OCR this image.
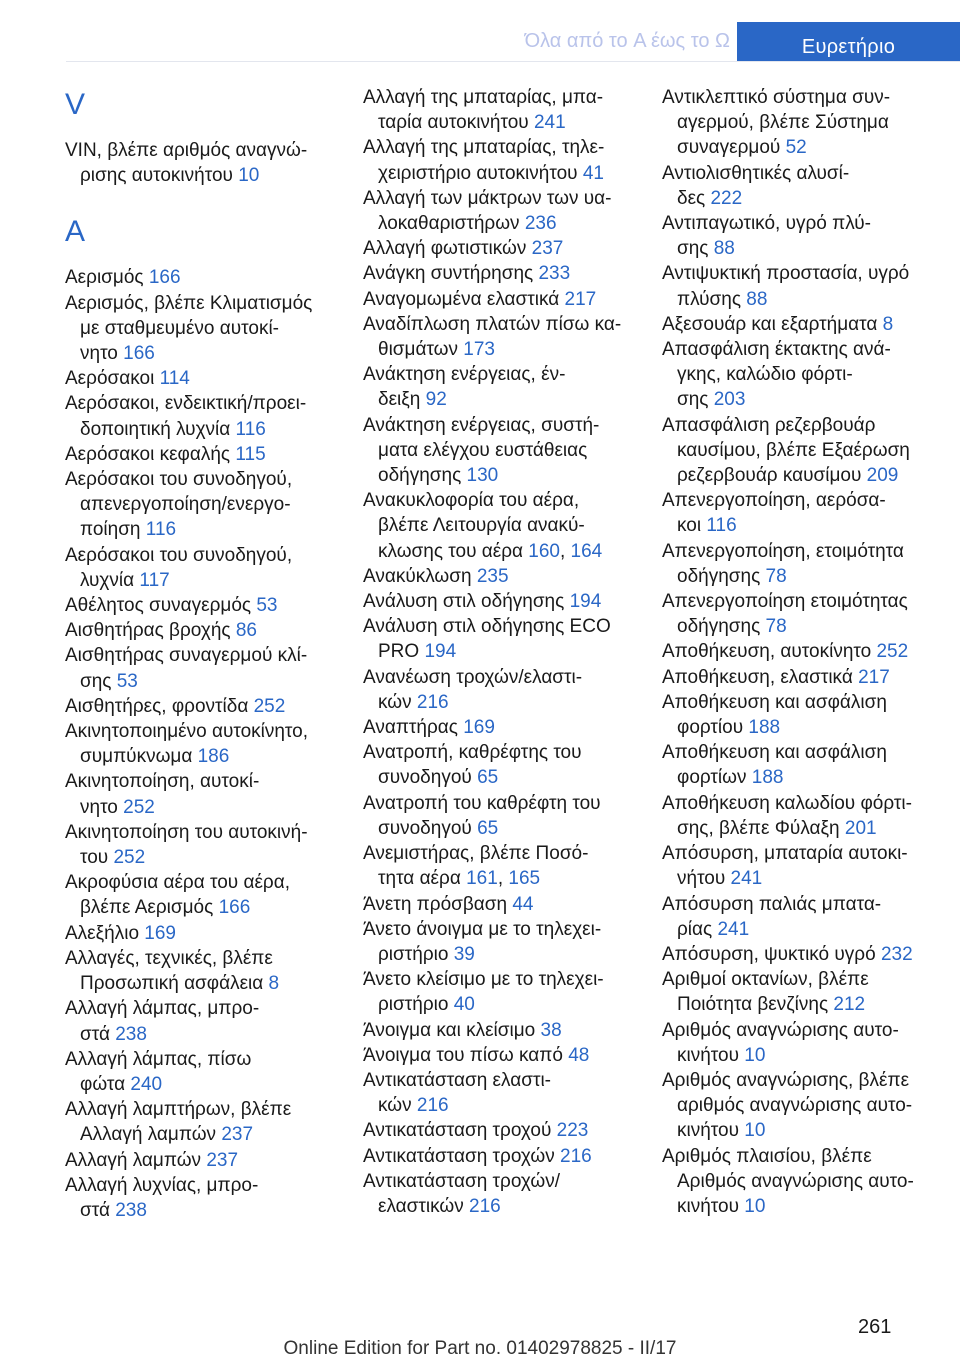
Όλα από το A έως το Ω	Ευρετήριο
V

VIN, βλέπε αριθμός αναγνώ-
ρισης αυτοκινήτου 10

A

Αερισμός 166

Αερισμός, βλέπε Κλιματισμός
με σταθμευμένο αυτοκί-
νητο 166

Αερόσακοι 114

Αερόσακοι, ενδεικτική/προει-
δοποιητική λυχνία 116

Αερόσακοι κεφαλής 115

Αερόσακοι του συνοδηγού,
απενεργοποίηση/ενεργο-
ποίηση 116

Αερόσακοι του συνοδηγού,
λυχνία 117

Αθέλητος συναγερμός 53

Αισθητήρας βροχής 86

Αισθητήρας συναγερμού κλί-
σης 53

Αισθητήρες, φροντίδα 252

Ακινητοποιημένο αυτοκίνητο,
συμπύκνωμα 186

Ακινητοποίηση, αυτοκί-
νητο 252

Ακινητοποίηση του αυτοκινή-
του 252

Ακροφύσια αέρα του αέρα,
βλέπε Αερισμός 166

Αλεξήλιο 169

Αλλαγές, τεχνικές, βλέπε
Προσωπική ασφάλεια 8

Αλλαγή λάμπας, μπρο-
στά 238

Αλλαγή λάμπας, πίσω
φώτα 240

Αλλαγή λαμπτήρων, βλέπε
Αλλαγή λαμπών 237

Αλλαγή λαμπών 237

Αλλαγή λυχνίας, μπρο-
στά 238

Αλλαγή της μπαταρίας, μπα-
ταρία αυτοκινήτου 241

Αλλαγή της μπαταρίας, τηλε-
χειριστήριο αυτοκινήτου 41

Αλλαγή των μάκτρων των υα-
λοκαθαριστήρων 236

Αλλαγή φωτιστικών 237

Ανάγκη συντήρησης 233

Αναγομωμένα ελαστικά 217

Αναδίπλωση πλατών πίσω κα-
θισμάτων 173

Ανάκτηση ενέργειας, έν-
δειξη 92

Ανάκτηση ενέργειας, συστή-
ματα ελέγχου ευστάθειας
οδήγησης 130

Ανακυκλοφορία του αέρα,
βλέπε Λειτουργία ανακύ-
κλωσης του αέρα 160, 164

Ανακύκλωση 235

Ανάλυση στιλ οδήγησης 194

Ανάλυση στιλ οδήγησης ECO
PRO 194

Ανανέωση τροχών/ελαστι-
κών 216

Αναπτήρας 169

Ανατροπή, καθρέφτης του
συνοδηγού 65

Ανατροπή του καθρέφτη του
συνοδηγού 65

Ανεμιστήρας, βλέπε Ποσό-
τητα αέρα 161, 165

Άνετη πρόσβαση 44

Άνετο άνοιγμα με το τηλεχει-
ριστήριο 39

Άνετο κλείσιμο με το τηλεχει-
ριστήριο 40

Άνοιγμα και κλείσιμο 38

Άνοιγμα του πίσω καπό 48

Αντικατάσταση ελαστι-
κών 216

Αντικατάσταση τροχού 223

Αντικατάσταση τροχών 216

Αντικατάσταση τροχών/
ελαστικών 216

Αντικλεπτικό σύστημα συν-
αγερμού, βλέπε Σύστημα
συναγερμού 52

Αντιολισθητικές αλυσί-
δες 222

Αντιπαγωτικό, υγρό πλύ-
σης 88

Αντιψυκτική προστασία, υγρό
πλύσης 88

Αξεσουάρ και εξαρτήματα 8

Απασφάλιση έκτακτης ανά-
γκης, καλώδιο φόρτι-
σης 203

Απασφάλιση ρεζερβουάρ
καυσίμου, βλέπε Εξαέρωση
ρεζερβουάρ καυσίμου 209

Απενεργοποίηση, αερόσα-
κοι 116

Απενεργοποίηση, ετοιμότητα
οδήγησης 78

Απενεργοποίηση ετοιμότητας
οδήγησης 78

Αποθήκευση, αυτοκίνητο 252

Αποθήκευση, ελαστικά 217

Αποθήκευση και ασφάλιση
φορτίου 188

Αποθήκευση και ασφάλιση
φορτίων 188

Αποθήκευση καλωδίου φόρτι-
σης, βλέπε Φύλαξη 201

Απόσυρση, μπαταρία αυτοκι-
νήτου 241

Απόσυρση παλιάς μπατα-
ρίας 241

Απόσυρση, ψυκτικό υγρό 232

Αριθμοί οκτανίων, βλέπε
Ποιότητα βενζίνης 212

Αριθμός αναγνώρισης αυτο-
κινήτου 10

Αριθμός αναγνώρισης, βλέπε
αριθμός αναγνώρισης αυτο-
κινήτου 10

Αριθμός πλαισίου, βλέπε
Αριθμός αναγνώρισης αυτο-
κινήτου 10

261
Online Edition for Part no. 01402978825 - II/17
